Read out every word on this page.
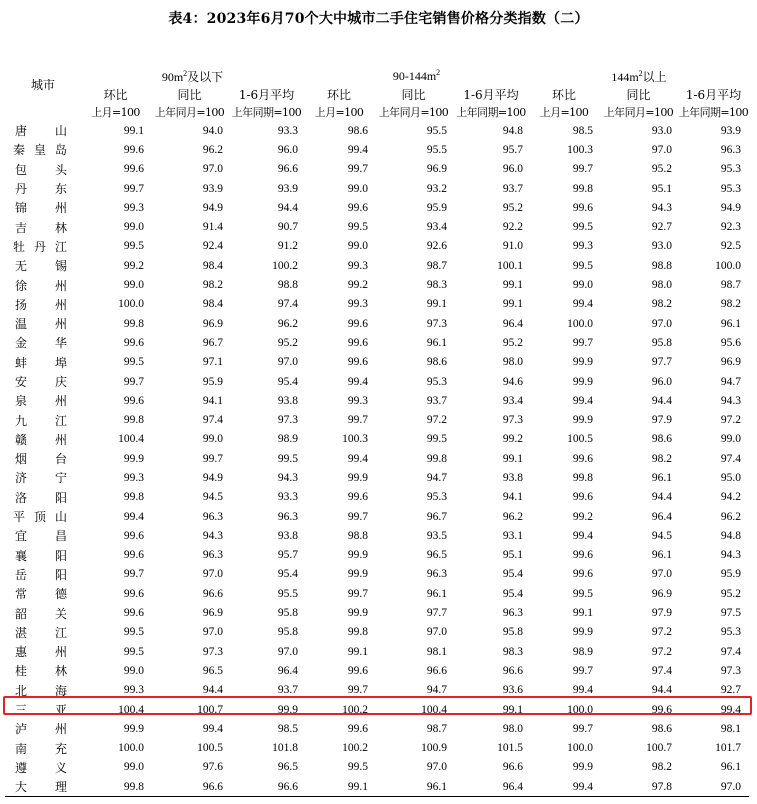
表4：2023年6月70个大中城市二手住宅销售价格分类指数（二）
城市	$90m^2$及以下			$90-144m^2$			$144m^2$以上		
	环比	同比	1-6月平均	环比	同比	1-6月平均	环比	同比	1-6月平均
	上月=100	上年同月=100	上年同期=100	上月=100	上年同月=100	上年同期=100	上月=100	上年同月=100	上年同期=100

唐 山	99.1	94.0	93.3	98.6	95.5	94.8	98.5	93.0	93.9

秦 皇 岛	99.6	96.2	96.0	99.4	95.5	95.7	100.3	97.0	96.3

包 头	99.6	97.0	96.6	99.7	96.9	96.0	99.7	95.2	95.3

丹 东	99.7	93.9	93.9	99.0	93.2	93.7	99.8	95.1	95.3

锦 州	99.3	94.9	94.4	99.6	95.9	95.2	99.6	94.3	94.9

吉 林	99.0	91.4	90.7	99.5	93.4	92.2	99.5	92.7	92.3

牡 丹 江	99.5	92.4	91.2	99.0	92.6	91.0	99.3	93.0	92.5

无 锡	99.2	98.4	100.2	99.3	98.7	100.1	99.5	98.8	100.0

徐 州	99.0	98.2	98.8	99.2	98.3	99.1	99.0	98.0	98.7

扬 州	100.0	98.4	97.4	99.3	99.1	99.1	99.4	98.2	98.2

温 州	99.8	96.9	96.2	99.6	97.3	96.4	100.0	97.0	96.1

金 华	99.6	96.7	95.2	99.6	96.1	95.2	99.7	95.8	95.6

蚌 埠	99.5	97.1	97.0	99.6	98.6	98.0	99.9	97.7	96.9

安 庆	99.7	95.9	95.4	99.4	95.3	94.6	99.9	96.0	94.7

泉 州	99.6	94.1	93.8	99.3	93.7	93.4	99.4	94.4	94.3

九 江	99.8	97.4	97.3	99.7	97.2	97.3	99.9	97.9	97.2

赣 州	100.4	99.0	98.9	100.3	99.5	99.2	100.5	98.6	99.0

烟 台	99.9	99.7	99.5	99.4	99.8	99.1	99.6	98.2	97.4

济 宁	99.3	94.9	94.3	99.9	94.7	93.8	99.8	96.1	95.0

洛 阳	99.8	94.5	93.3	99.6	95.3	94.1	99.6	94.4	94.2

平 顶 山	99.4	96.3	96.3	99.7	96.7	96.2	99.2	96.4	96.2

宜 昌	99.6	94.3	93.8	98.8	93.5	93.1	99.4	94.5	94.8

襄 阳	99.6	96.3	95.7	99.9	96.5	95.1	99.6	96.1	94.3

岳 阳	99.7	97.0	95.4	99.9	96.3	95.4	99.6	97.0	95.9

常 德	99.6	96.6	95.5	99.7	96.1	95.4	99.5	96.9	95.2

韶 关	99.6	96.9	95.8	99.9	97.7	96.3	99.1	97.9	97.5

湛 江	99.5	97.0	95.8	99.8	97.0	95.8	99.9	97.2	95.3

惠 州	99.5	97.3	97.0	99.1	98.1	98.3	98.9	97.2	97.4

桂 林	99.0	96.5	96.4	99.6	96.6	96.6	99.7	97.4	97.3

北 海	99.3	94.4	93.7	99.7	94.7	93.6	99.4	94.4	92.7

三 亚	100.4	100.7	99.9	100.2	100.4	99.1	100.0	99.6	99.4

泸 州	99.9	99.4	98.5	99.6	98.7	98.0	99.7	98.6	98.1

南 充	100.0	100.5	101.8	100.2	100.9	101.5	100.0	100.7	101.7

遵 义	99.0	97.6	96.5	99.5	97.0	96.6	99.9	98.2	96.1

大 理	99.8	96.6	96.6	99.1	96.1	96.4	99.4	97.8	97.0
